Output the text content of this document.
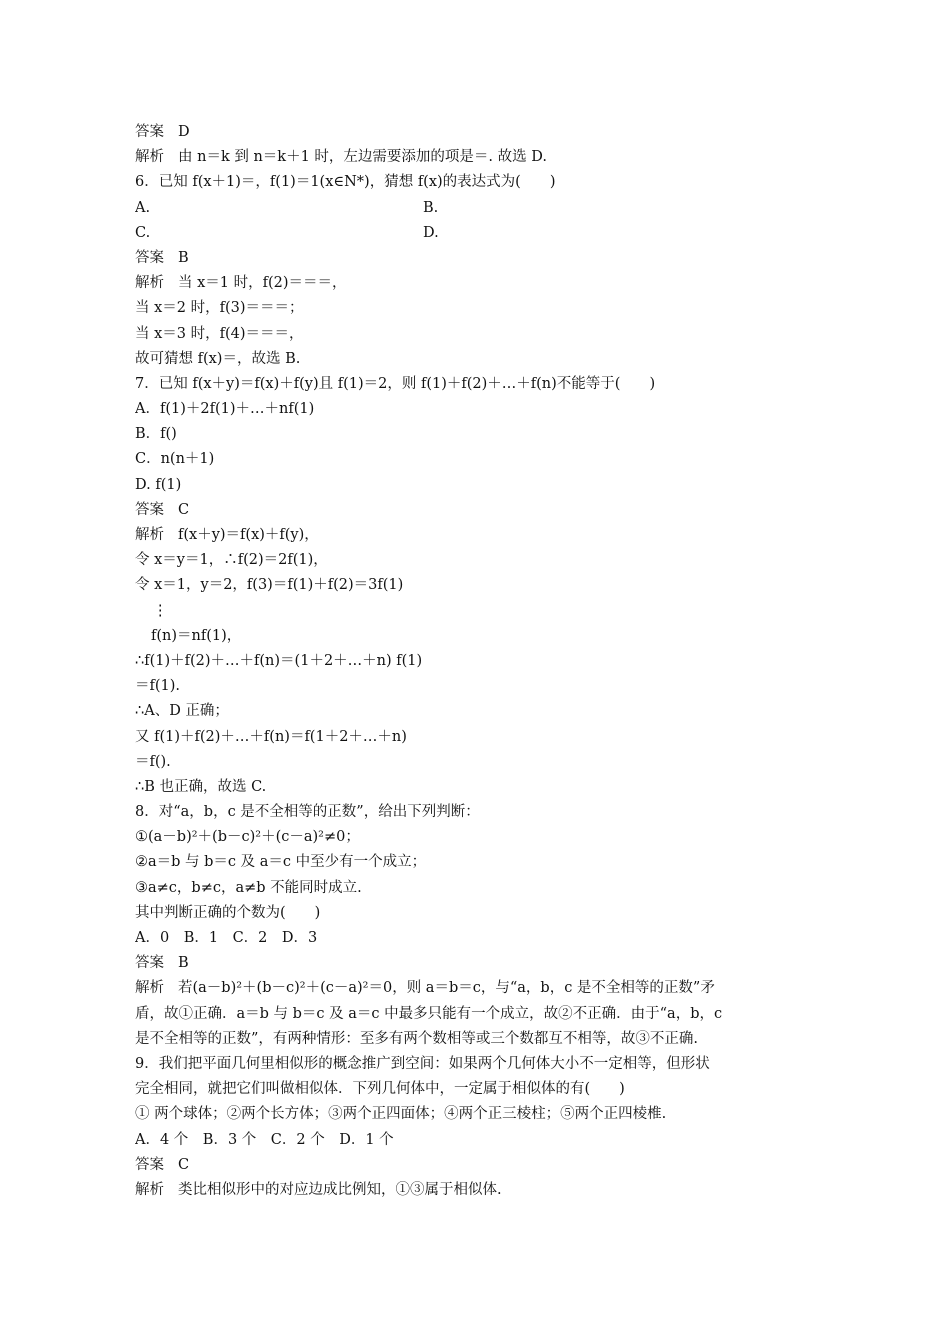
答案 D
解析 由 n＝k 到 n＝k＋1 时，左边需要添加的项是＝. 故选 D.
6．已知 f(x＋1)＝，f(1)＝1(x∈N*)，猜想 f(x)的表达式为(　　)
A.	B.
C.	D.
答案 B
解析 当 x＝1 时，f(2)＝＝＝，
当 x＝2 时，f(3)＝＝＝；
当 x＝3 时，f(4)＝＝＝，
故可猜想 f(x)＝，故选 B.
7．已知 f(x＋y)＝f(x)＋f(y)且 f(1)＝2，则 f(1)＋f(2)＋…＋f(n)不能等于(　　)
A．f(1)＋2f(1)＋…＋nf(1)
B．f()
C．n(n＋1)
D. f(1)
答案 C
解析 f(x＋y)＝f(x)＋f(y)，
令 x＝y＝1，∴f(2)＝2f(1)，
令 x＝1，y＝2，f(3)＝f(1)＋f(2)＝3f(1)
⋮
f(n)＝nf(1)，
∴f(1)＋f(2)＋…＋f(n)＝(1＋2＋…＋n) f(1)
＝f(1).
∴A、D 正确；
又 f(1)＋f(2)＋…＋f(n)＝f(1＋2＋…＋n)
＝f().
∴B 也正确，故选 C.
8．对“a，b，c 是不全相等的正数”，给出下列判断：
①(a－b)²＋(b－c)²＋(c－a)²≠0；
②a＝b 与 b＝c 及 a＝c 中至少有一个成立；
③a≠c，b≠c，a≠b 不能同时成立.
其中判断正确的个数为(　　)
A．0　B．1　C．2　D．3
答案 B
解析 若(a－b)²＋(b－c)²＋(c－a)²＝0，则 a＝b＝c，与“a，b，c 是不全相等的正数”矛
盾，故①正确．a＝b 与 b＝c 及 a＝c 中最多只能有一个成立，故②不正确．由于“a，b，c
是不全相等的正数”，有两种情形：至多有两个数相等或三个数都互不相等，故③不正确.
9．我们把平面几何里相似形的概念推广到空间：如果两个几何体大小不一定相等，但形状
完全相同，就把它们叫做相似体．下列几何体中，一定属于相似体的有(　　)
① 两个球体；②两个长方体；③两个正四面体；④两个正三棱柱；⑤两个正四棱椎.
A．4 个　B．3 个　C．2 个　D．1 个
答案 C
解析 类比相似形中的对应边成比例知，①③属于相似体.
